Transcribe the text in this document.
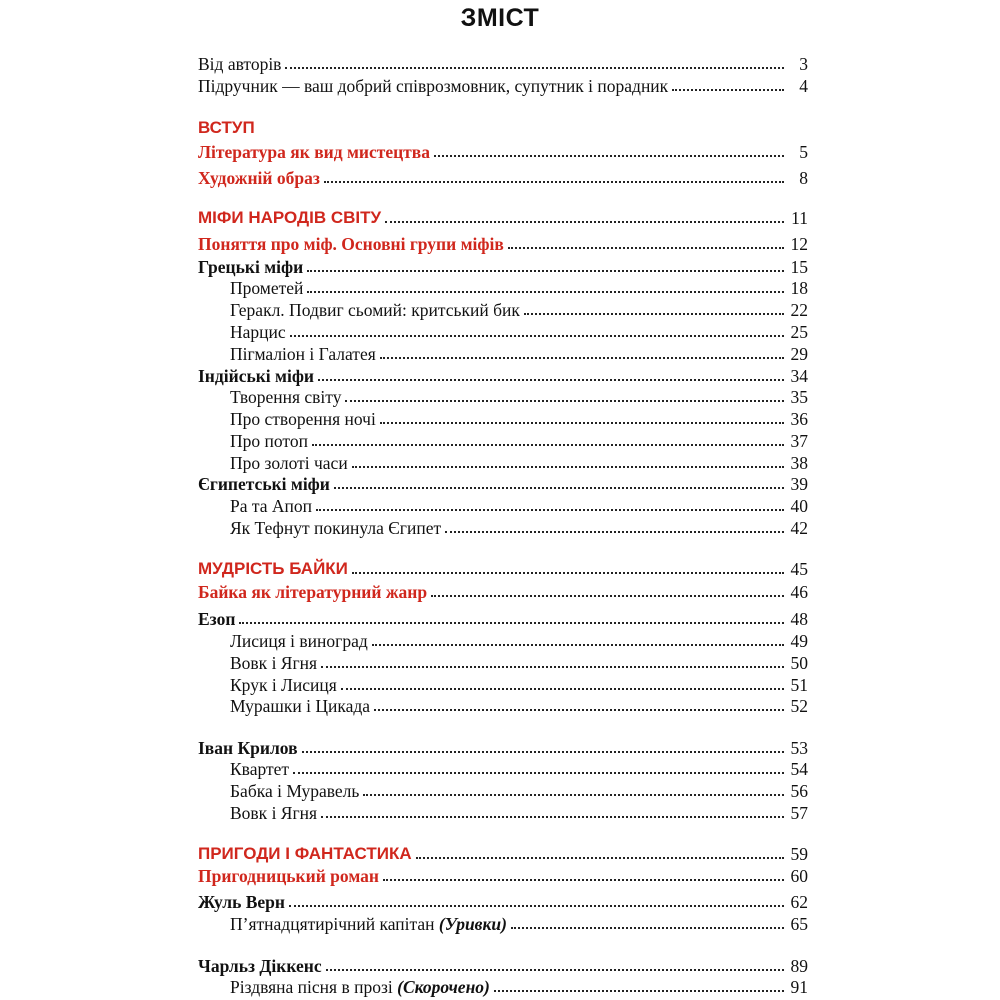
ЗМІСТ
Від авторів	3
Підручник — ваш добрий співрозмовник, супутник і порадник	4
ВСТУП
Література як вид мистецтва	5
Художній образ	8
МІФИ НАРОДІВ СВІТУ	11
Поняття про міф. Основні групи міфів	12
Грецькі міфи	15
Прометей	18
Геракл. Подвиг сьомий: критський бик	22
Нарцис	25
Пігмаліон і Галатея	29
Індійські міфи	34
Творення світу	35
Про створення ночі	36
Про потоп	37
Про золоті часи	38
Єгипетські міфи	39
Ра та Апоп	40
Як Тефнут покинула Єгипет	42
МУДРІСТЬ БАЙКИ	45
Байка як літературний жанр	46
Езоп	48
Лисиця і виноград	49
Вовк і Ягня	50
Крук і Лисиця	51
Мурашки і Цикада	52
Іван Крилов	53
Квартет	54
Бабка і Муравель	56
Вовк і Ягня	57
ПРИГОДИ І ФАНТАСТИКА	59
Пригодницький роман	60
Жуль Верн	62
П’ятнадцятирічний капітан (Уривки)	65
Чарльз Діккенс	89
Різдвяна пісня в прозі (Скорочено)	91
